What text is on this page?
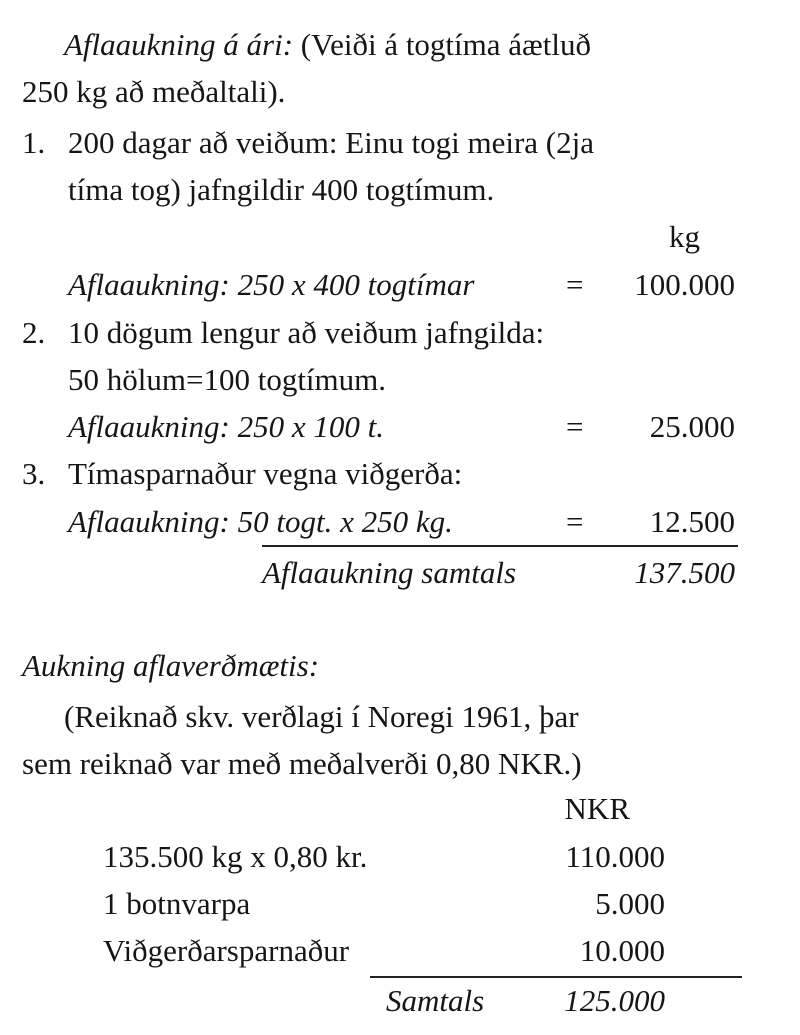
Aflaaukning á ári: (Veiði á togtíma áætluð
250 kg að meðaltali).
1. 200 dagar að veiðum: Einu togi meira (2ja
tíma tog) jafngildir 400 togtímum.
kg
Aflaaukning: 250 x 400 togtímar	=	100.000
2. 10 dögum lengur að veiðum jafngilda:
50 hölum=100 togtímum.
Aflaaukning: 250 x 100 t.	=	25.000
3. Tímasparnaður vegna viðgerða:
Aflaaukning: 50 togt. x 250 kg.	=	12.500
Aflaaukning samtals	137.500
Aukning aflaverðmætis:
(Reiknað skv. verðlagi í Noregi 1961, þar
sem reiknað var með meðalverði 0,80 NKR.)
NKR
135.500 kg x 0,80 kr.	110.000
1 botnvarpa	5.000
Viðgerðarsparnaður	10.000
Samtals	125.000
